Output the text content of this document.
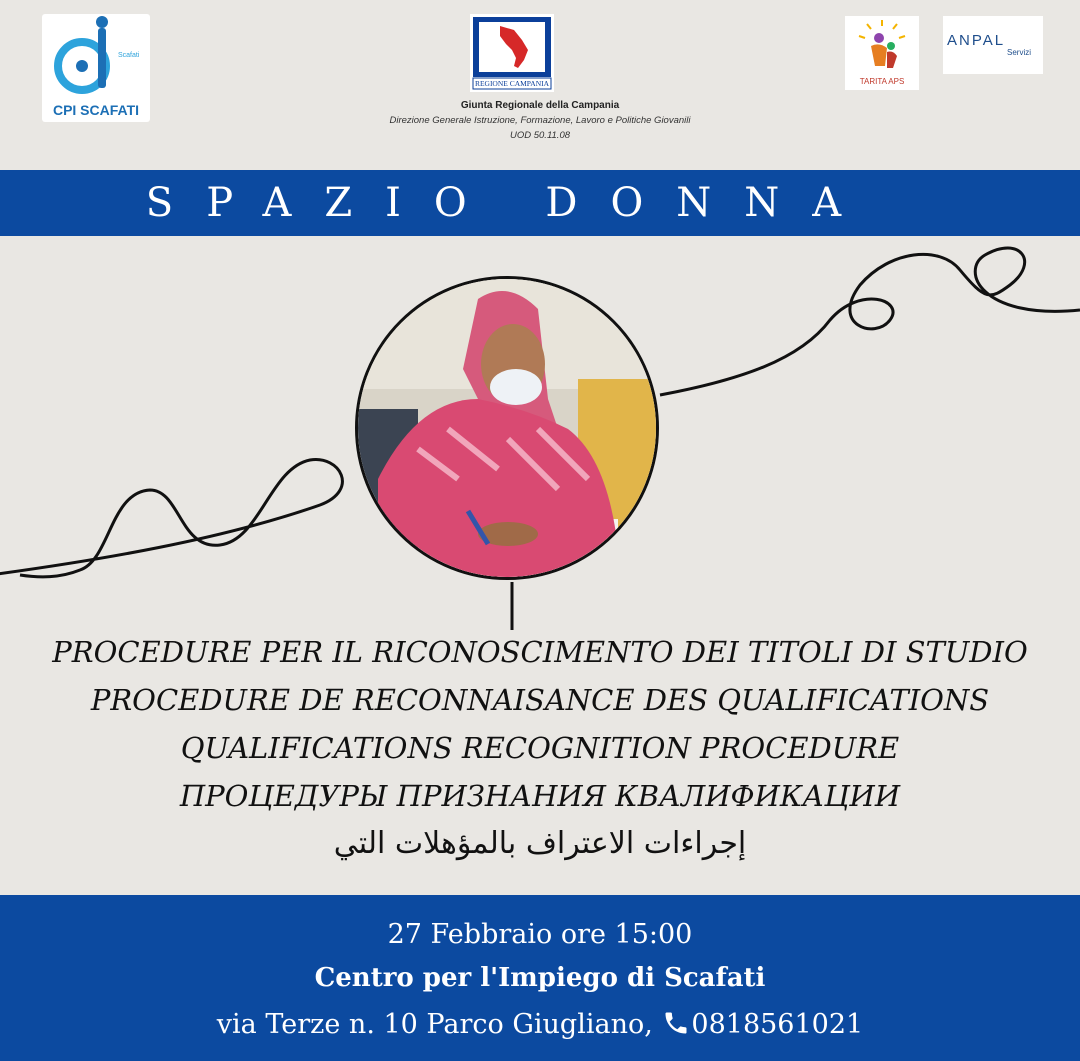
Scafati
CPI SCAFATI
REGIONE CAMPANIA
Giunta Regionale della Campania
Direzione Generale Istruzione, Formazione, Lavoro e Politiche Giovanili
UOD 50.11.08
TARITA APS
ANPAL
Servizi
SPAZIO DONNA
PROCEDURE PER IL RICONOSCIMENTO DEI TITOLI DI STUDIO
PROCEDURE DE RECONNAISANCE DES QUALIFICATIONS
QUALIFICATIONS RECOGNITION PROCEDURE
ПРОЦЕДУРЫ ПРИЗНАНИЯ КВАЛИФИКАЦИИ
إجراءات الاعتراف بالمؤهلات التي
27 Febbraio ore 15:00
Centro per l'Impiego di Scafati
via Terze n. 10 Parco Giugliano, 0818561021
